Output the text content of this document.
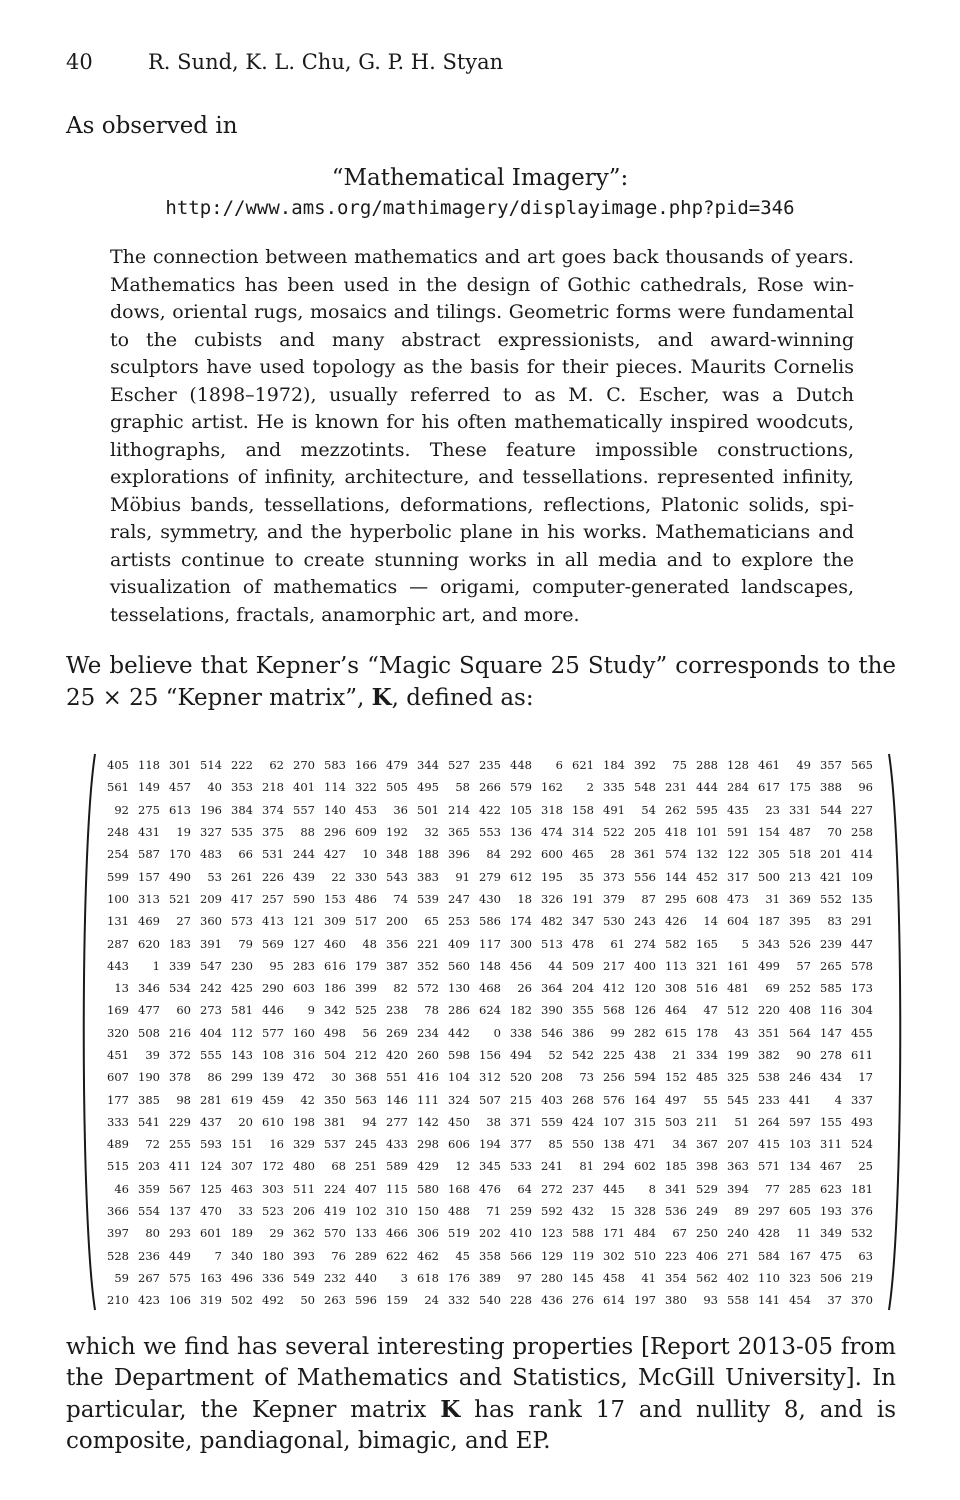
40	R. Sund, K. L. Chu, G. P. H. Styan
As observed in
“Mathematical Imagery”:
http://www.ams.org/mathimagery/displayimage.php?pid=346
The connection between mathematics and art goes back thousands of years. Mathematics has been used in the design of Gothic cathedrals, Rose windows, oriental rugs, mosaics and tilings. Geometric forms were fundamental to the cubists and many abstract expressionists, and award-winning sculptors have used topology as the basis for their pieces. Maurits Cornelis Escher (1898–1972), usually referred to as M. C. Escher, was a Dutch graphic artist. He is known for his often mathematically inspired woodcuts, lithographs, and mezzotints. These feature impossible constructions, explorations of infinity, architecture, and tessellations. represented infinity, Möbius bands, tessellations, deformations, reflections, Platonic solids, spirals, symmetry, and the hyperbolic plane in his works. Mathematicians and artists continue to create stunning works in all media and to explore the visualization of mathematics — origami, computer-generated landscapes, tesselations, fractals, anamorphic art, and more.
We believe that Kepner’s “Magic Square 25 Study” corresponds to the 25 × 25 “Kepner matrix”, K, defined as:
405	118	301	514	222	62	270	583	166	479	344	527	235	448	6	621	184	392	75	288	128	461	49	357	565
561	149	457	40	353	218	401	114	322	505	495	58	266	579	162	2	335	548	231	444	284	617	175	388	96
92	275	613	196	384	374	557	140	453	36	501	214	422	105	318	158	491	54	262	595	435	23	331	544	227
248	431	19	327	535	375	88	296	609	192	32	365	553	136	474	314	522	205	418	101	591	154	487	70	258
254	587	170	483	66	531	244	427	10	348	188	396	84	292	600	465	28	361	574	132	122	305	518	201	414
599	157	490	53	261	226	439	22	330	543	383	91	279	612	195	35	373	556	144	452	317	500	213	421	109
100	313	521	209	417	257	590	153	486	74	539	247	430	18	326	191	379	87	295	608	473	31	369	552	135
131	469	27	360	573	413	121	309	517	200	65	253	586	174	482	347	530	243	426	14	604	187	395	83	291
287	620	183	391	79	569	127	460	48	356	221	409	117	300	513	478	61	274	582	165	5	343	526	239	447
443	1	339	547	230	95	283	616	179	387	352	560	148	456	44	509	217	400	113	321	161	499	57	265	578
13	346	534	242	425	290	603	186	399	82	572	130	468	26	364	204	412	120	308	516	481	69	252	585	173
169	477	60	273	581	446	9	342	525	238	78	286	624	182	390	355	568	126	464	47	512	220	408	116	304
320	508	216	404	112	577	160	498	56	269	234	442	0	338	546	386	99	282	615	178	43	351	564	147	455
451	39	372	555	143	108	316	504	212	420	260	598	156	494	52	542	225	438	21	334	199	382	90	278	611
607	190	378	86	299	139	472	30	368	551	416	104	312	520	208	73	256	594	152	485	325	538	246	434	17
177	385	98	281	619	459	42	350	563	146	111	324	507	215	403	268	576	164	497	55	545	233	441	4	337
333	541	229	437	20	610	198	381	94	277	142	450	38	371	559	424	107	315	503	211	51	264	597	155	493
489	72	255	593	151	16	329	537	245	433	298	606	194	377	85	550	138	471	34	367	207	415	103	311	524
515	203	411	124	307	172	480	68	251	589	429	12	345	533	241	81	294	602	185	398	363	571	134	467	25
46	359	567	125	463	303	511	224	407	115	580	168	476	64	272	237	445	8	341	529	394	77	285	623	181
366	554	137	470	33	523	206	419	102	310	150	488	71	259	592	432	15	328	536	249	89	297	605	193	376
397	80	293	601	189	29	362	570	133	466	306	519	202	410	123	588	171	484	67	250	240	428	11	349	532
528	236	449	7	340	180	393	76	289	622	462	45	358	566	129	119	302	510	223	406	271	584	167	475	63
59	267	575	163	496	336	549	232	440	3	618	176	389	97	280	145	458	41	354	562	402	110	323	506	219
210	423	106	319	502	492	50	263	596	159	24	332	540	228	436	276	614	197	380	93	558	141	454	37	370
which we find has several interesting properties [Report 2013-05 from the Department of Mathematics and Statistics, McGill University]. In particular, the Kepner matrix K has rank 17 and nullity 8, and is composite, pandiagonal, bimagic, and EP.
